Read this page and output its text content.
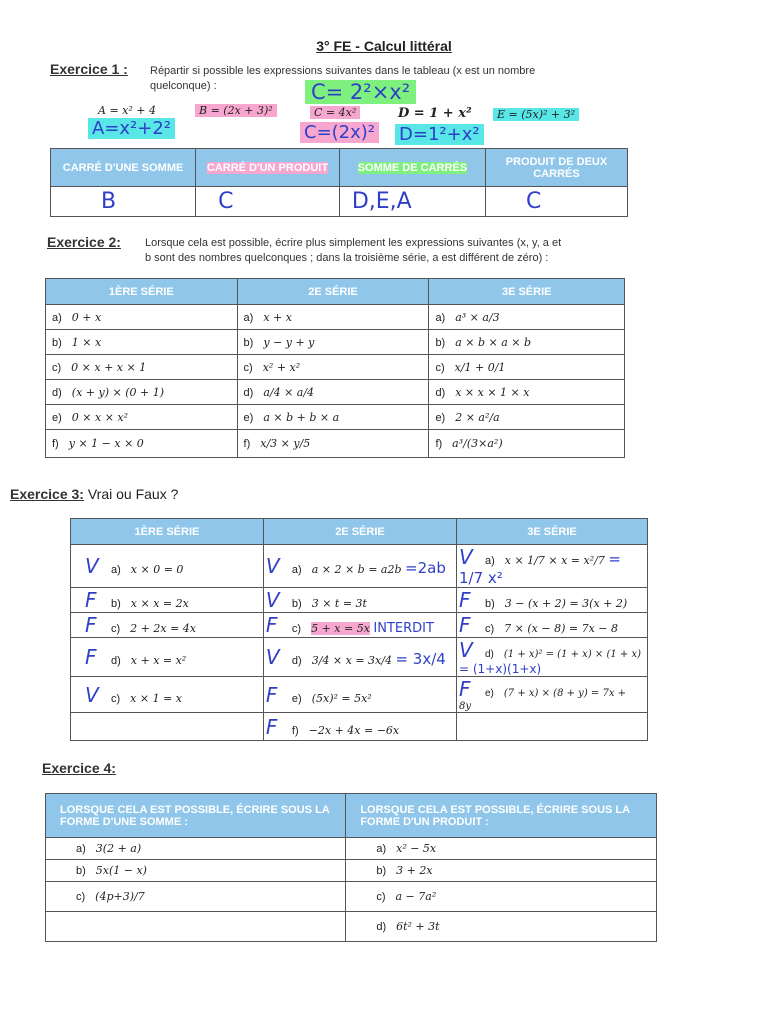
3° FE - Calcul littéral
Exercice 1 : Répartir si possible les expressions suivantes dans le tableau (x est un nombre
quelconque) :	C= 2²×x²
A = x² + 4	B = (2x + 3)²	C = 4x²	D = 1 + x²	E = (5x)² + 3²
A=x²+2²	C=(2x)² D=1²+x²
CARRÉ D'UNE SOMME	CARRÉ D'UN PRODUIT	SOMME DE CARRÉS	PRODUIT DE DEUX CARRÉS
B	C	D,E,A	C
Exercice 2: Lorsque cela est possible, écrire plus simplement les expressions suivantes (x, y, a et
b sont des nombres quelconques ; dans la troisième série, a est différent de zéro) :
1ÈRE SÉRIE	2E SÉRIE	3E SÉRIE
a) 0 + x	a) x + x	a) a³ × a/3
b) 1 × x	b) y − y + y	b) a × b × a × b
c) 0 × x + x × 1	c) x² + x²	c) x/1 + 0/1
d) (x + y) × (0 + 1)	d) a/4 × a/4	d) x × x × 1 × x
e) 0 × x × x²	e) a × b + b × a	e) 2 × a²/a
f) y × 1 − x × 0	f) x/3 × y/5	f) a³/(3×a²)
Exercice 3: Vrai ou Faux ?
1ÈRE SÉRIE	2E SÉRIE	3E SÉRIE
V a) x × 0 = 0	V a) a × 2 × b = a2b =2ab	V a) x × 1/7 × x = x²/7 = 1/7 x²
F b) x × x = 2x	V b) 3 × t = 3t	F b) 3 − (x + 2) = 3(x + 2)
F c) 2 + 2x = 4x	F c) 5 + x = 5x INTERDIT	F c) 7 × (x − 8) = 7x − 8
F d) x + x = x²	V d) 3/4 × x = 3x/4 = 3x/4	V d) (1 + x)² = (1 + x) × (1 + x) = (1+x)(1+x)
V c) x × 1 = x	F e) (5x)² = 5x²	F e) (7 + x) × (8 + y) = 7x + 8y
	F f) −2x + 4x = −6x	
Exercice 4:
LORSQUE CELA EST POSSIBLE, ÉCRIRE SOUS LA FORME D'UNE SOMME :	LORSQUE CELA EST POSSIBLE, ÉCRIRE SOUS LA FORME D'UN PRODUIT :
a) 3(2 + a)	a) x² − 5x
b) 5x(1 − x)	b) 3 + 2x
c) (4p+3)/7	c) a − 7a²
	d) 6t² + 3t
